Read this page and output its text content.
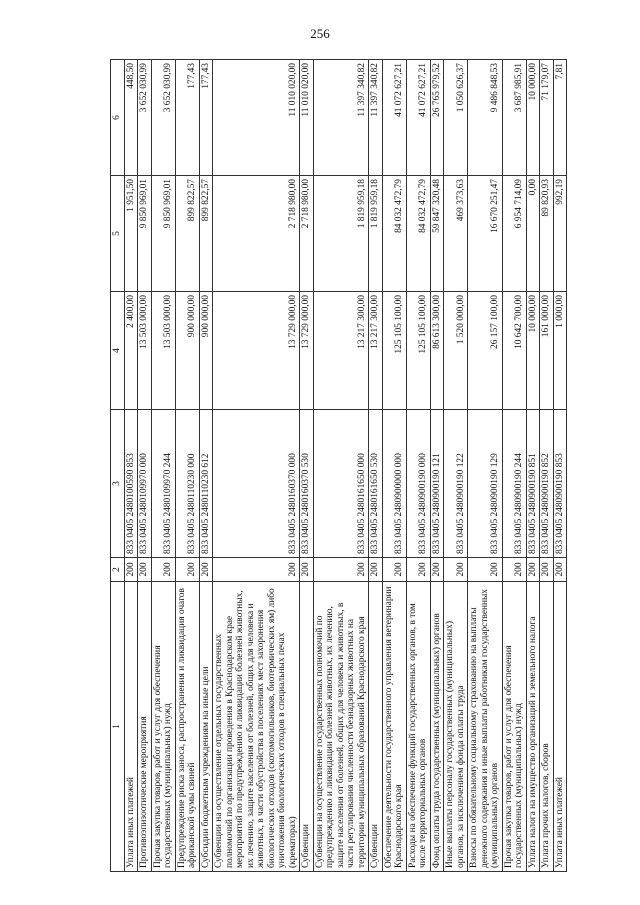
256
1	2	3	4	5	6
Уплата иных платежей	200	833 0405 2480100590 853	2 400,00	1 951,50	448,50
Противоэпизоотические мероприятия	200	833 0405 2480109970 000	13 503 000,00	9 850 969,01	3 652 030,99
Прочая закупка товаров, работ и услуг для обеспечения государственных (муниципальных) нужд	200	833 0405 2480109970 244	13 503 000,00	9 850 969,01	3 652 030,99
Предупреждение риска заноса, распространения и ликвидация очагов африканской чумы свиней	200	833 0405 2480110230 000	900 000,00	899 822,57	177,43
Субсидии бюджетным учреждениям на иные цели	200	833 0405 2480110230 612	900 000,00	899 822,57	177,43
Субвенции на осуществление отдельных государственных полномочий по организации проведения в Краснодарском крае мероприятий по предупреждению и ликвидации болезней животных, их лечению, защите населения от болезней, общих для человека и животных, в части обустройства в поселениях мест захоронения биологических отходов (скотомогильников, биотермических ям) либо уничтожения биологических отходов в специальных печах (крематорах)	200	833 0405 2480160370 000	13 729 000,00	2 718 980,00	11 010 020,00
Субвенции	200	833 0405 2480160370 530	13 729 000,00	2 718 980,00	11 010 020,00
Субвенции на осуществление государственных полномочий по предупреждению и ликвидации болезней животных, их лечению, защите населения от болезней, общих для человека и животных, в части регулирования численности безнадзорных животных на территории муниципальных образований Краснодарского края	200	833 0405 2480161650 000	13 217 300,00	1 819 959,18	11 397 340,82
Субвенции	200	833 0405 2480161650 530	13 217 300,00	1 819 959,18	11 397 340,82
Обеспечение деятельности государственного управления ветеринарии Краснодарского края	200	833 0405 2480900000 000	125 105 100,00	84 032 472,79	41 072 627,21
Расходы на обеспечение функций государственных органов, в том числе территориальных органов	200	833 0405 2480900190 000	125 105 100,00	84 032 472,79	41 072 627,21
Фонд оплаты труда государственных (муниципальных) органов	200	833 0405 2480900190 121	86 613 300,00	59 847 320,48	26 765 979,52
Иные выплаты персоналу государственных (муниципальных) органов, за исключением фонда оплаты труда	200	833 0405 2480900190 122	1 520 000,00	469 373,63	1 050 626,37
Взносы по обязательному социальному страхованию на выплаты денежного содержания и иные выплаты работникам государственных (муниципальных) органов	200	833 0405 2480900190 129	26 157 100,00	16 670 251,47	9 486 848,53
Прочая закупка товаров, работ и услуг для обеспечения государственных (муниципальных) нужд	200	833 0405 2480900190 244	10 642 700,00	6 954 714,09	3 687 985,91
Уплата налога на имущество организаций и земельного налога	200	833 0405 2480900190 851	10 000,00	0,00	10 000,00
Уплата прочих налогов, сборов	200	833 0405 2480900190 852	161 000,00	89 820,93	71 179,07
Уплата иных платежей	200	833 0405 2480900190 853	1 000,00	992,19	7,81
